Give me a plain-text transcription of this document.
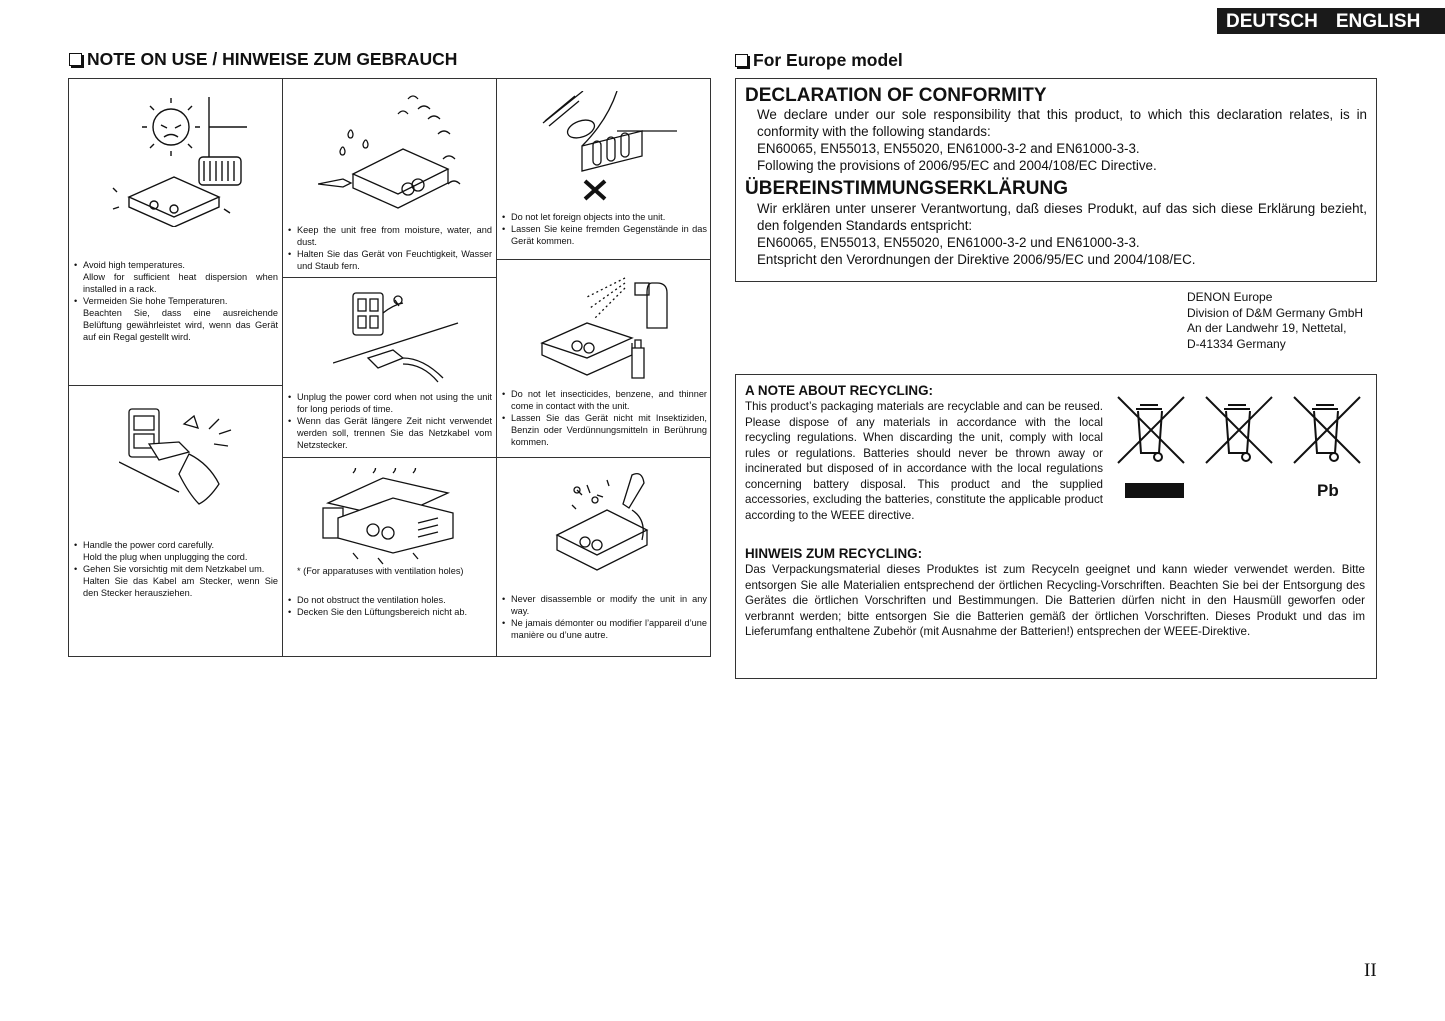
DEUTSCH ENGLISH
NOTE ON USE / HINWEISE ZUM GEBRAUCH
• Avoid high temperatures.
Allow for sufficient heat dispersion when installed in a rack.
• Vermeiden Sie hohe Temperaturen.
Beachten Sie, dass eine ausreichende Belüftung gewährleistet wird, wenn das Gerät auf ein Regal gestellt wird.
• Keep the unit free from moisture, water, and dust.
• Halten Sie das Gerät von Feuchtigkeit, Wasser und Staub fern.
• Do not let foreign objects into the unit.
• Lassen Sie keine fremden Gegenstände in das Gerät kommen.
• Handle the power cord carefully.
Hold the plug when unplugging the cord.
• Gehen Sie vorsichtig mit dem Netzkabel um.
Halten Sie das Kabel am Stecker, wenn Sie den Stecker herausziehen.
• Unplug the power cord when not using the unit for long periods of time.
• Wenn das Gerät längere Zeit nicht verwendet werden soll, trennen Sie das Netzkabel vom Netzstecker.
• Do not let insecticides, benzene, and thinner come in contact with the unit.
• Lassen Sie das Gerät nicht mit Insektiziden, Benzin oder Verdünnungsmitteln in Berührung kommen.
* (For apparatuses with ventilation holes)
• Do not obstruct the ventilation holes.
• Decken Sie den Lüftungsbereich nicht ab.
• Never disassemble or modify the unit in any way.
• Ne jamais démonter ou modifier l’appareil d’une manière ou d’une autre.
For Europe model
DECLARATION OF CONFORMITY

We declare under our sole responsibility that this product, to which this declaration relates, is in conformity with the following standards:

EN60065, EN55013, EN55020, EN61000-3-2 and EN61000-3-3.

Following the provisions of 2006/95/EC and 2004/108/EC Directive.

ÜBEREINSTIMMUNGSERKLÄRUNG

Wir erklären unter unserer Verantwortung, daß dieses Produkt, auf das sich diese Erklärung bezieht, den folgenden Standards entspricht:

EN60065, EN55013, EN55020, EN61000-3-2 und EN61000-3-3.

Entspricht den Verordnungen der Direktive 2006/95/EC und 2004/108/EC.

DENON Europe
Division of D&M Germany GmbH
An der Landwehr 19, Nettetal,
D-41334 Germany
A NOTE ABOUT RECYCLING:

This product’s packaging materials are recyclable and can be reused. Please dispose of any materials in accordance with the local recycling regulations. When discarding the unit, comply with local rules or regulations. Batteries should never be thrown away or incinerated but disposed of in accordance with the local regulations concerning battery disposal. This product and the supplied accessories, excluding the batteries, constitute the applicable product according to the WEEE directive.

Pb
HINWEIS ZUM RECYCLING:

Das Verpackungsmaterial dieses Produktes ist zum Recyceln geeignet und kann wieder verwendet werden. Bitte entsorgen Sie alle Materialien entsprechend der örtlichen Recycling-Vorschriften. Beachten Sie bei der Entsorgung des Gerätes die örtlichen Vorschriften und Bestimmungen. Die Batterien dürfen nicht in den Hausmüll geworfen oder verbrannt werden; bitte entsorgen Sie die Batterien gemäß der örtlichen Vorschriften. Dieses Produkt und das im Lieferumfang enthaltene Zubehör (mit Ausnahme der Batterien!) entsprechen der WEEE-Direktive.

II
